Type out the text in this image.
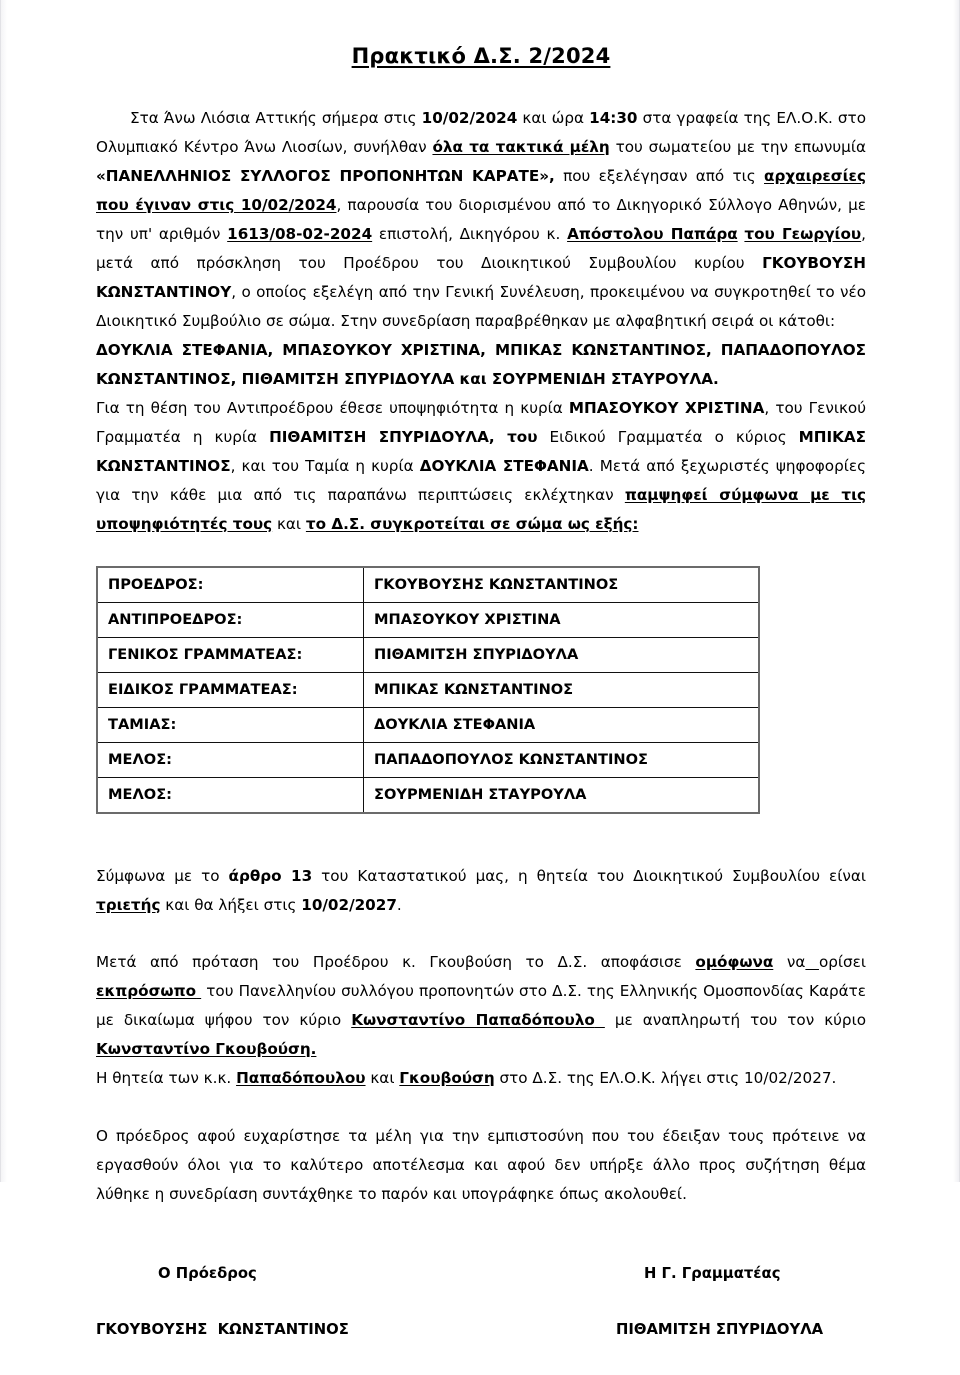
Πρακτικό Δ.Σ. 2/2024

Στα Άνω Λιόσια Αττικής σήμερα στις 10/02/2024 και ώρα 14:30 στα γραφεία της ΕΛ.Ο.Κ. στο Ολυμπιακό Κέντρο Άνω Λιοσίων, συνήλθαν όλα τα τακτικά μέλη του σωματείου με την επωνυμία «ΠΑΝΕΛΛΗΝΙΟΣ ΣΥΛΛΟΓΟΣ ΠΡΟΠΟΝΗΤΩΝ ΚΑΡΑΤΕ», που εξελέγησαν από τις αρχαιρεσίες που έγιναν στις 10/02/2024, παρουσία του διορισμένου από το Δικηγορικό Σύλλογο Αθηνών, με την υπ' αριθμόν 1613/08-02-2024 επιστολή, Δικηγόρου κ. Απόστολου Παπάρα του Γεωργίου, μετά από πρόσκληση του Προέδρου του Διοικητικού Συμβουλίου κυρίου ΓΚΟΥΒΟΥΣΗ ΚΩΝΣΤΑΝΤΙΝΟΥ, ο οποίος εξελέγη από την Γενική Συνέλευση, προκειμένου να συγκροτηθεί το νέο Διοικητικό Συμβούλιο σε σώμα. Στην συνεδρίαση παραβρέθηκαν με αλφαβητική σειρά οι κάτοθι:

ΔΟΥΚΛΙΑ ΣΤΕΦΑΝΙΑ, ΜΠΑΣΟΥΚΟΥ ΧΡΙΣΤΙΝΑ, ΜΠΙΚΑΣ ΚΩΝΣΤΑΝΤΙΝΟΣ, ΠΑΠΑΔΟΠΟΥΛΟΣ

ΚΩΝΣΤΑΝΤΙΝΟΣ, ΠΙΘΑΜΙΤΣΗ ΣΠΥΡΙΔΟΥΛΑ και ΣΟΥΡΜΕΝΙΔΗ ΣΤΑΥΡΟΥΛΑ.

Για τη θέση του Αντιπροέδρου έθεσε υποψηφιότητα η κυρία ΜΠΑΣΟΥΚΟΥ ΧΡΙΣΤΙΝΑ, του Γενικού Γραμματέα η κυρία ΠΙΘΑΜΙΤΣΗ ΣΠΥΡΙΔΟΥΛΑ, του Ειδικού Γραμματέα ο κύριος ΜΠΙΚΑΣ ΚΩΝΣΤΑΝΤΙΝΟΣ, και του Ταμία η κυρία ΔΟΥΚΛΙΑ ΣΤΕΦΑΝΙΑ. Μετά από ξεχωριστές ψηφοφορίες για την κάθε μια από τις παραπάνω περιπτώσεις εκλέχτηκαν παμψηφεί σύμφωνα με τις υποψηφιότητές τους και το Δ.Σ. συγκροτείται σε σώμα ως εξής:

ΠΡΟΕΔΡΟΣ:	ΓΚΟΥΒΟΥΣΗΣ ΚΩΝΣΤΑΝΤΙΝΟΣ
ΑΝΤΙΠΡΟΕΔΡΟΣ:	ΜΠΑΣΟΥΚΟΥ ΧΡΙΣΤΙΝΑ
ΓΕΝΙΚΟΣ ΓΡΑΜΜΑΤΕΑΣ:	ΠΙΘΑΜΙΤΣΗ ΣΠΥΡΙΔΟΥΛΑ
ΕΙΔΙΚΟΣ ΓΡΑΜΜΑΤΕΑΣ:	ΜΠΙΚΑΣ ΚΩΝΣΤΑΝΤΙΝΟΣ
ΤΑΜΙΑΣ:	ΔΟΥΚΛΙΑ ΣΤΕΦΑΝΙΑ
ΜΕΛΟΣ:	ΠΑΠΑΔΟΠΟΥΛΟΣ ΚΩΝΣΤΑΝΤΙΝΟΣ
ΜΕΛΟΣ:	ΣΟΥΡΜΕΝΙΔΗ ΣΤΑΥΡΟΥΛΑ

Σύμφωνα με το άρθρο 13 του Καταστατικού μας, η θητεία του Διοικητικού Συμβουλίου είναι τριετής και θα λήξει στις 10/02/2027.

Μετά από πρόταση του Προέδρου κ. Γκουβούση το Δ.Σ. αποφάσισε ομόφωνα να ορίσει εκπρόσωπο  του Πανελληνίου συλλόγου προπονητών στο Δ.Σ. της Ελληνικής Ομοσπονδίας Καράτε με δικαίωμα ψήφου τον κύριο Κωνσταντίνο Παπαδόπουλο  με αναπληρωτή του τον κύριο Κωνσταντίνο Γκουβούση.

Η θητεία των κ.κ. Παπαδόπουλου και Γκουβούση στο Δ.Σ. της ΕΛ.Ο.Κ. λήγει στις 10/02/2027.

Ο πρόεδρος αφού ευχαρίστησε τα μέλη για την εμπιστοσύνη που του έδειξαν τους πρότεινε να εργασθούν όλοι για το καλύτερο αποτέλεσμα και αφού δεν υπήρξε άλλο προς συζήτηση θέμα λύθηκε η συνεδρίαση συντάχθηκε το παρόν και υπογράφηκε όπως ακολουθεί.

Ο Πρόεδρος
ΓΚΟΥΒΟΥΣΗΣ  ΚΩΝΣΤΑΝΤΙΝΟΣ
Η Γ. Γραμματέας
ΠΙΘΑΜΙΤΣΗ ΣΠΥΡΙΔΟΥΛΑ
